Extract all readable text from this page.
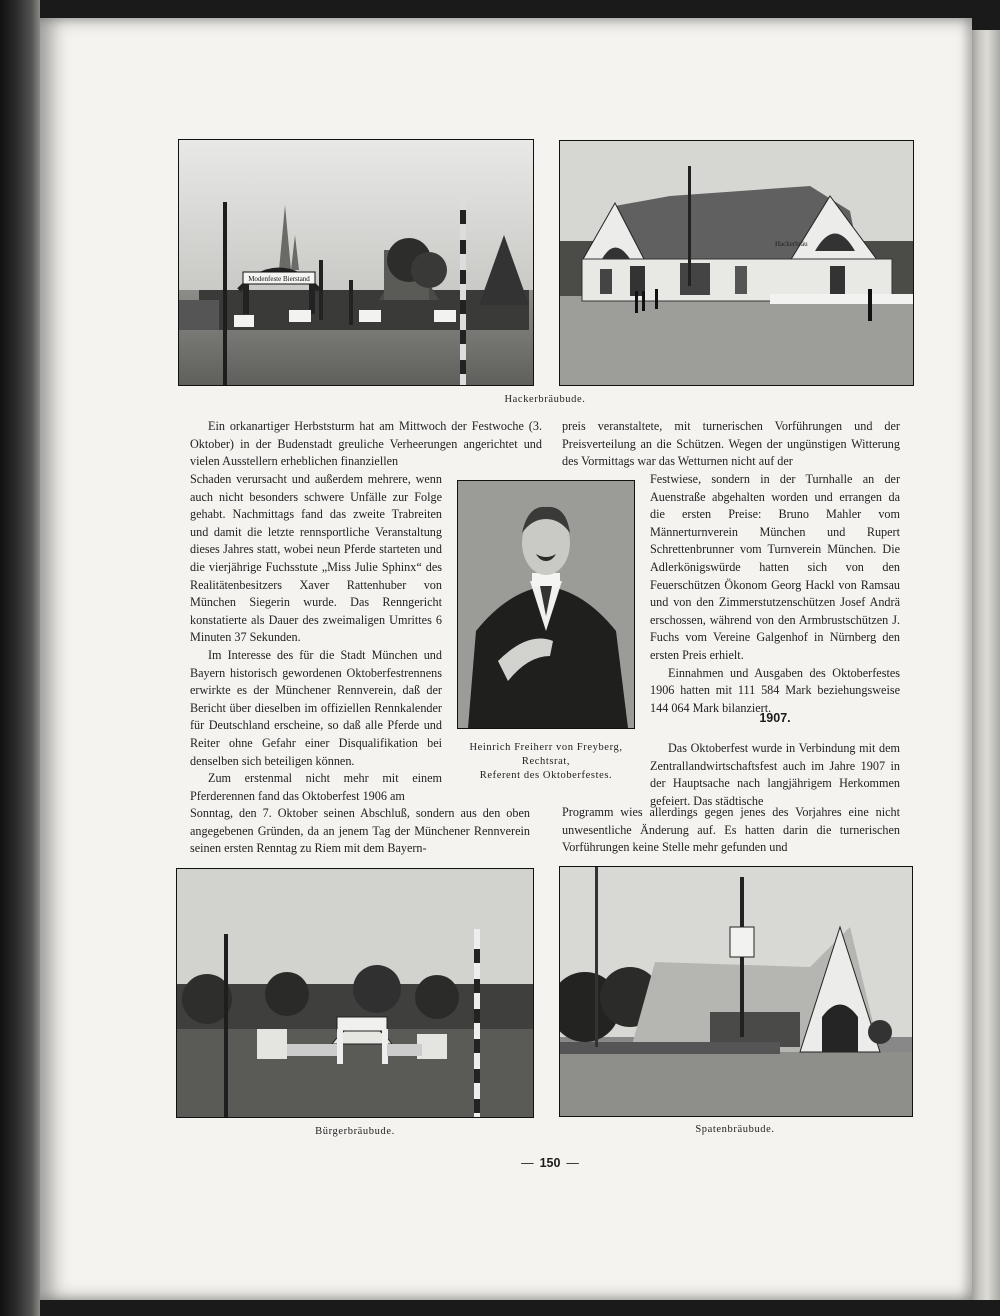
Modenfeste Bierstand
Hackerbräu
Hackerbräubude.
Heinrich Freiherr von Freyberg,
Rechtsrat,
Referent des Oktoberfestes.

Ein orkanartiger Herbststurm hat am Mittwoch der Festwoche (3. Oktober) in der Budenstadt greuliche Verheerungen angerichtet und vielen Ausstellern erheblichen finanziellen

Schaden verursacht und außerdem mehrere, wenn auch nicht besonders schwere Unfälle zur Folge gehabt. Nachmittags fand das zweite Trabreiten und damit die letzte rennsportliche Veranstaltung dieses Jahres statt, wobei neun Pferde starteten und die vierjährige Fuchsstute „Miss Julie Sphinx“ des Realitätenbesitzers Xaver Rattenhuber von München Siegerin wurde. Das Renngericht konstatierte als Dauer des zweimaligen Umrittes 6 Minuten 37 Sekunden.

Im Interesse des für die Stadt München und Bayern historisch gewordenen Oktoberfestrennens erwirkte es der Münchener Rennverein, daß der Bericht über dieselben im offiziellen Rennkalender für Deutschland erscheine, so daß alle Pferde und Reiter ohne Gefahr einer Disqualifikation bei denselben sich beteiligen können.

Zum erstenmal nicht mehr mit einem Pferderennen fand das Oktoberfest 1906 am

Sonntag, den 7. Oktober seinen Abschluß, sondern aus den oben angegebenen Gründen, da an jenem Tag der Münchener Rennverein seinen ersten Renntag zu Riem mit dem Bayern-

preis veranstaltete, mit turnerischen Vorführungen und der Preisverteilung an die Schützen. Wegen der ungünstigen Witterung des Vormittags war das Wetturnen nicht auf der

Festwiese, sondern in der Turnhalle an der Auenstraße abgehalten worden und errangen da die ersten Preise: Bruno Mahler vom Männerturnverein München und Rupert Schrettenbrunner vom Turnverein München. Die Adlerkönigswürde hatten sich von den Feuerschützen Ökonom Georg Hackl von Ramsau und von den Zimmerstutzenschützen Josef Andrä erschossen, während von den Armbrustschützen J. Fuchs vom Vereine Galgenhof in Nürnberg den ersten Preis erhielt.

Einnahmen und Ausgaben des Oktoberfestes 1906 hatten mit 111 584 Mark beziehungsweise 144 064 Mark bilanziert.

1907.

Das Oktoberfest wurde in Verbindung mit dem Zentrallandwirtschaftsfest auch im Jahre 1907 in der Hauptsache nach langjährigem Herkommen gefeiert. Das städtische

Programm wies allerdings gegen jenes des Vorjahres eine nicht unwesentliche Änderung auf. Es hatten darin die turnerischen Vorführungen keine Stelle mehr gefunden und

Bürgerbräubude.	Spatenbräubude.
— 150 —
